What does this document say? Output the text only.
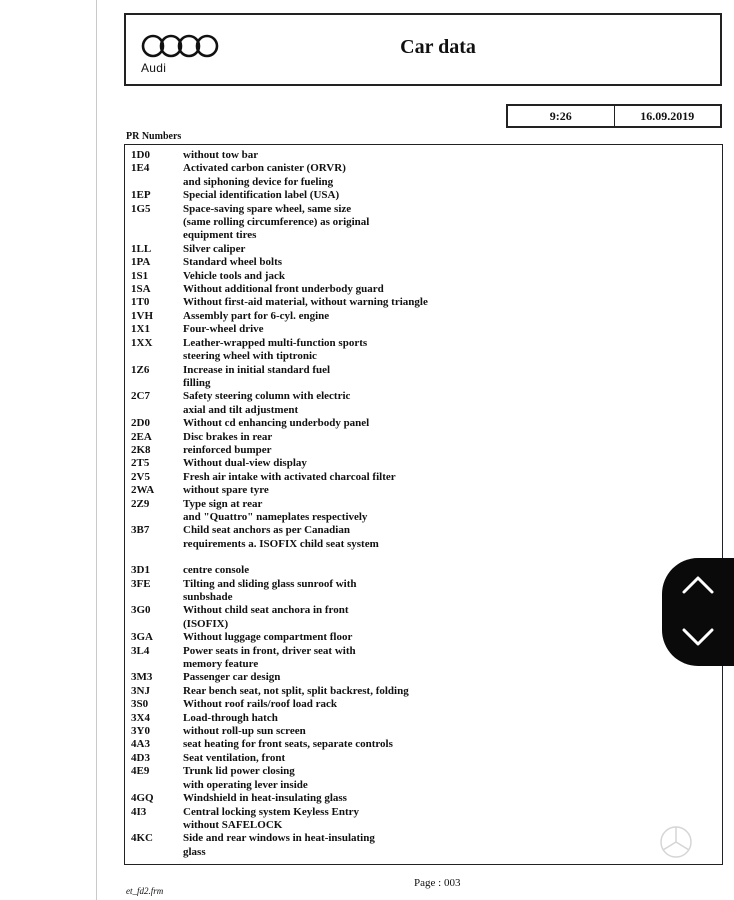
Audi
Car data
9:26	16.09.2019
PR Numbers
1D0	without tow bar
1E4	Activated carbon canister (ORVR)
and siphoning device for fueling
1EP	Special identification label (USA)
1G5	Space-saving spare wheel, same size
(same rolling circumference) as original
equipment tires
1LL	Silver caliper
1PA	Standard wheel bolts
1S1	Vehicle tools and jack
1SA	Without additional front underbody guard
1T0	Without first-aid material, without warning triangle
1VH	Assembly part for 6-cyl. engine
1X1	Four-wheel drive
1XX	Leather-wrapped multi-function sports
steering wheel with tiptronic
1Z6	Increase in initial standard fuel
filling
2C7	Safety steering column with electric
axial and tilt adjustment
2D0	Without cd enhancing underbody panel
2EA	Disc brakes in rear
2K8	reinforced bumper
2T5	Without dual-view display
2V5	Fresh air intake with activated charcoal filter
2WA	without spare tyre
2Z9	Type sign at rear
and "Quattro" nameplates respectively
3B7	Child seat anchors as per Canadian
requirements a. ISOFIX child seat system
3D1	centre console
3FE	Tilting and sliding glass sunroof with
sunbshade
3G0	Without child seat anchora in front
(ISOFIX)
3GA	Without luggage compartment floor
3L4	Power seats in front, driver seat with
memory feature
3M3	Passenger car design
3NJ	Rear bench seat, not split, split backrest, folding
3S0	Without roof rails/roof load rack
3X4	Load-through hatch
3Y0	without roll-up sun screen
4A3	seat heating for front seats, separate controls
4D3	Seat ventilation, front
4E9	Trunk lid power closing
with operating lever inside
4GQ	Windshield in heat-insulating glass
4I3	Central locking system Keyless Entry
without SAFELOCK
4KC	Side and rear windows in heat-insulating
glass
Page : 003
et_fd2.frm
